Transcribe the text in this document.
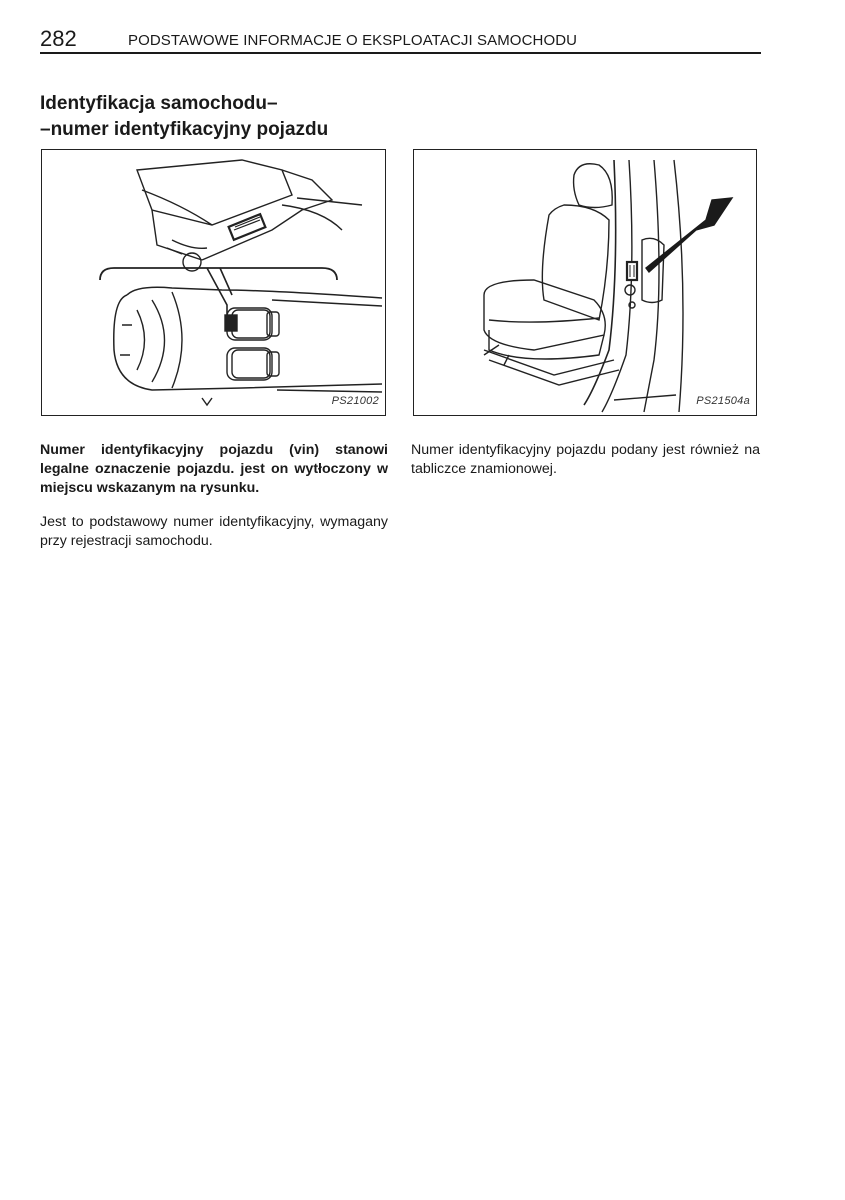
282	PODSTAWOWE INFORMACJE O EKSPLOATACJI SAMOCHODU
Identyfikacja samochodu–
–numer identyfikacyjny pojazdu
PS21002	PS21504a
Numer identyfikacyjny pojazdu (vin) stanowi legalne oznaczenie pojazdu. jest on wytłoczony w miejscu wskazanym na rysunku.
Jest to podstawowy numer identyfikacyjny, wymagany przy rejestracji samochodu.
Numer identyfikacyjny pojazdu podany jest również na tabliczce znamionowej.
